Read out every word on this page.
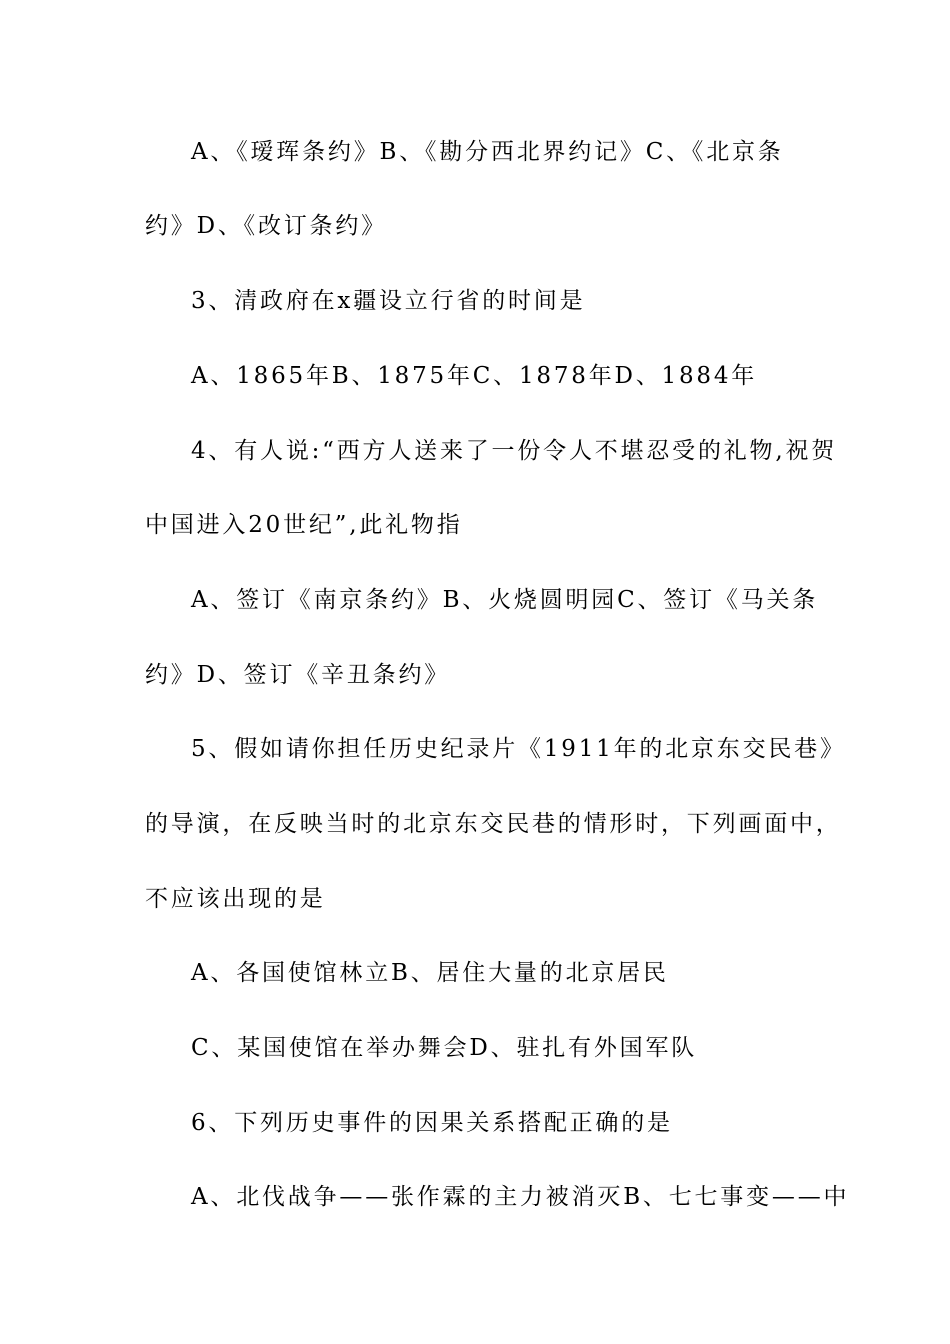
A、《瑷珲条约》B、《勘分西北界约记》C、《北京条
约》D、《改订条约》
3、清政府在x疆设立行省的时间是
A、1865年B、1875年C、1878年D、1884年
4、有人说:“西方人送来了一份令人不堪忍受的礼物,祝贺
中国进入20世纪”,此礼物指
A、签订《南京条约》B、火烧圆明园C、签订《马关条
约》D、签订《辛丑条约》
5、假如请你担任历史纪录片《1911年的北京东交民巷》
的导演，在反映当时的北京东交民巷的情形时，下列画面中，
不应该出现的是
A、各国使馆林立B、居住大量的北京居民
C、某国使馆在举办舞会D、驻扎有外国军队
6、下列历史事件的因果关系搭配正确的是
A、北伐战争——张作霖的主力被消灭B、七七事变——中
